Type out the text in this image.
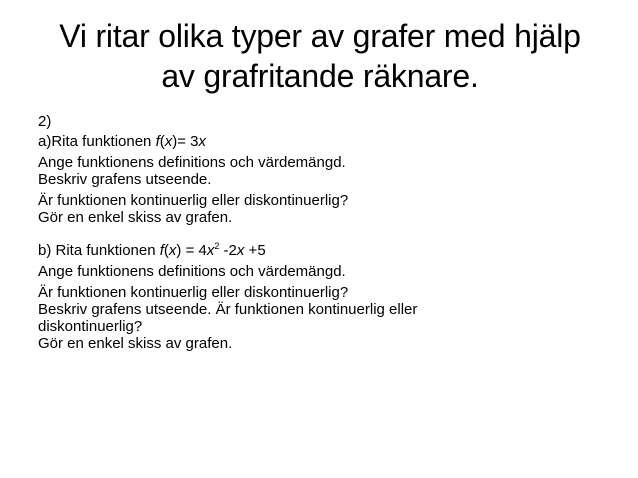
Vi ritar olika typer av grafer med hjälp
av grafritande räknare.

2)

a)Rita funktionen f(x)= 3x

Ange funktionens definitions och värdemängd.

Beskriv grafens utseende.

Är funktionen kontinuerlig eller diskontinuerlig?

Gör en enkel skiss av grafen.

b) Rita funktionen $f(x) = 4x^2$ -2x +5

Ange funktionens definitions och värdemängd.

Är funktionen kontinuerlig eller diskontinuerlig?

Beskriv grafens utseende. Är funktionen kontinuerlig eller

diskontinuerlig?

Gör en enkel skiss av grafen.
